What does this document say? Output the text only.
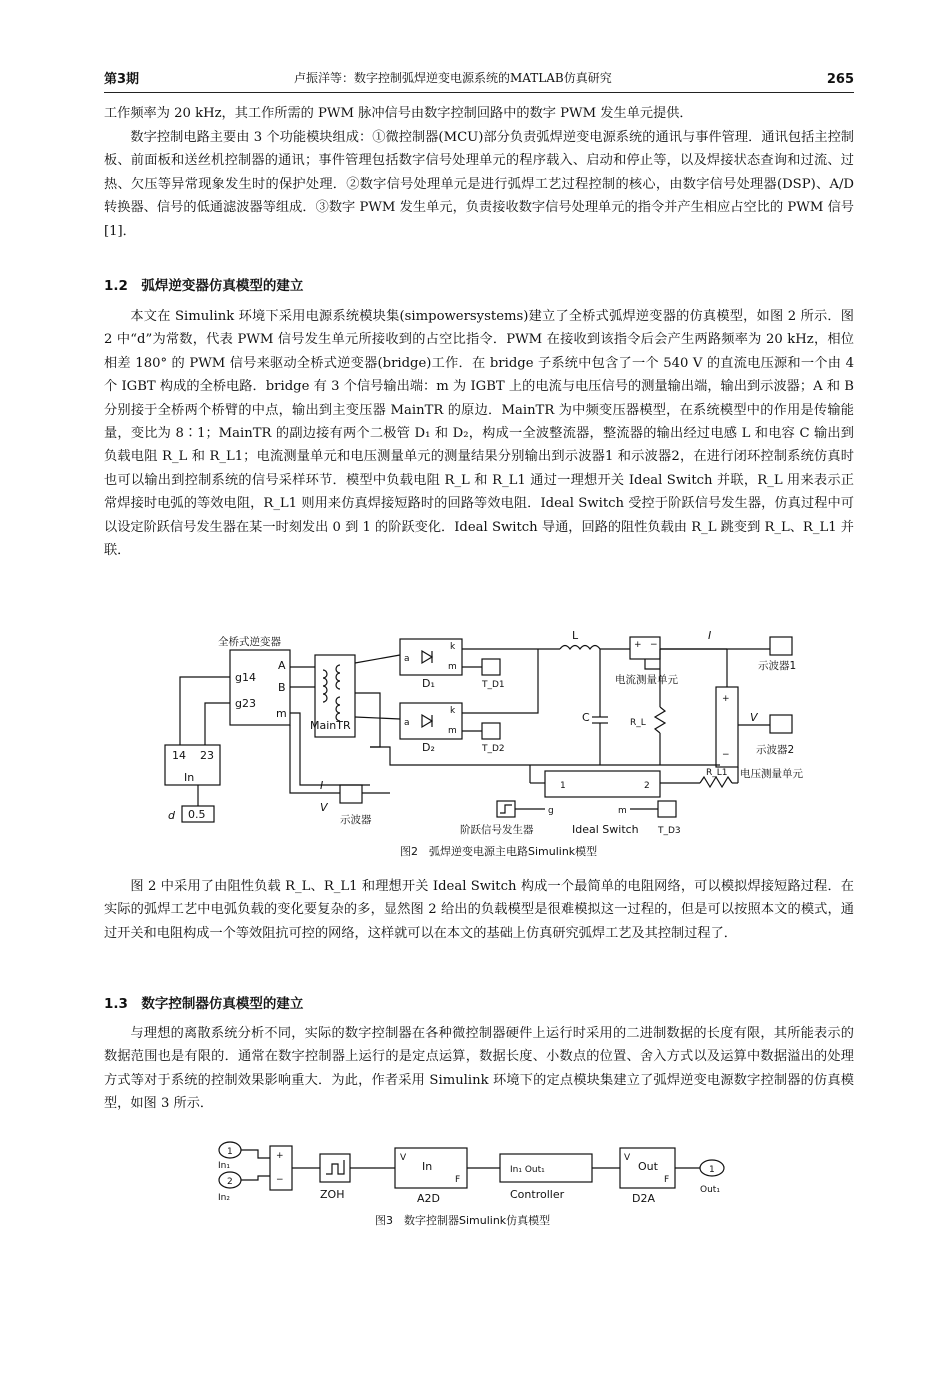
第3期	卢振洋等：数字控制弧焊逆变电源系统的MATLAB仿真研究	265

工作频率为 20 kHz，其工作所需的 PWM 脉冲信号由数字控制回路中的数字 PWM 发生单元提供．

数字控制电路主要由 3 个功能模块组成：①微控制器(MCU)部分负责弧焊逆变电源系统的通讯与事件管理．通讯包括主控制板、前面板和送丝机控制器的通讯；事件管理包括数字信号处理单元的程序载入、启动和停止等，以及焊接状态查询和过流、过热、欠压等异常现象发生时的保护处理．②数字信号处理单元是进行弧焊工艺过程控制的核心，由数字信号处理器(DSP)、A/D 转换器、信号的低通滤波器等组成．③数字 PWM 发生单元，负责接收数字信号处理单元的指令并产生相应占空比的 PWM 信号[1]．

1.2　弧焊逆变器仿真模型的建立

本文在 Simulink 环境下采用电源系统模块集(simpowersystems)建立了全桥式弧焊逆变器的仿真模型，如图 2 所示．图 2 中“d”为常数，代表 PWM 信号发生单元所接收到的占空比指令．PWM 在接收到该指令后会产生两路频率为 20 kHz，相位相差 180° 的 PWM 信号来驱动全桥式逆变器(bridge)工作．在 bridge 子系统中包含了一个 540 V 的直流电压源和一个由 4 个 IGBT 构成的全桥电路．bridge 有 3 个信号输出端：m 为 IGBT 上的电流与电压信号的测量输出端，输出到示波器；A 和 B 分别接于全桥两个桥臂的中点，输出到主变压器 MainTR 的原边．MainTR 为中频变压器模型，在系统模型中的作用是传输能量，变比为 8∶1；MainTR 的副边接有两个二极管 D₁ 和 D₂，构成一全波整流器，整流器的输出经过电感 L 和电容 C 输出到负载电阻 R_L 和 R_L1；电流测量单元和电压测量单元的测量结果分别输出到示波器1 和示波器2，在进行闭环控制系统仿真时也可以输出到控制系统的信号采样环节．模型中负载电阻 R_L 和 R_L1 通过一理想开关 Ideal Switch 并联，R_L 用来表示正常焊接时电弧的等效电阻，R_L1 则用来仿真焊接短路时的回路等效电阻．Ideal Switch 受控于阶跃信号发生器，仿真过程中可以设定阶跃信号发生器在某一时刻发出 0 到 1 的阶跃变化．Ideal Switch 导通，回路的阻性负载由 R_L 跳变到 R_L、R_L1 并联．

全桥式逆变器
A
B
m
g14
g23
14 23
In
d 0.5
MainTR
a
k
m
a
k
m
D₁
D₂
T_D1
T_D2
L
+ −
电流测量单元
I
示波器1
C	R_L
+
−
V
示波器2
电压测量单元
R_L1
1	2
g	m
阶跃信号发生器	Ideal Switch T_D3
I
V
示波器

图2　弧焊逆变电源主电路Simulink模型

图 2 中采用了由阻性负载 R_L、R_L1 和理想开关 Ideal Switch 构成一个最简单的电阻网络，可以模拟焊接短路过程．在实际的弧焊工艺中电弧负载的变化要复杂的多，显然图 2 给出的负载模型是很难模拟这一过程的，但是可以按照本文的模式，通过开关和电阻构成一个等效阻抗可控的网络，这样就可以在本文的基础上仿真研究弧焊工艺及其控制过程了．

1.3　数字控制器仿真模型的建立

与理想的离散系统分析不同，实际的数字控制器在各种微控制器硬件上运行时采用的二进制数据的长度有限，其所能表示的数据范围也是有限的．通常在数字控制器上运行的是定点运算，数据长度、小数点的位置、舍入方式以及运算中数据溢出的处理方式等对于系统的控制效果影响重大．为此，作者采用 Simulink 环境下的定点模块集建立了弧焊逆变电源数字控制器的仿真模型，如图 3 所示．

1
In₁
2
In₂
+
−
ZOH
V
In
F
A2D
In₁ Out₁
Controller
V
Out
F
D2A
1
Out₁

图3　数字控制器Simulink仿真模型
